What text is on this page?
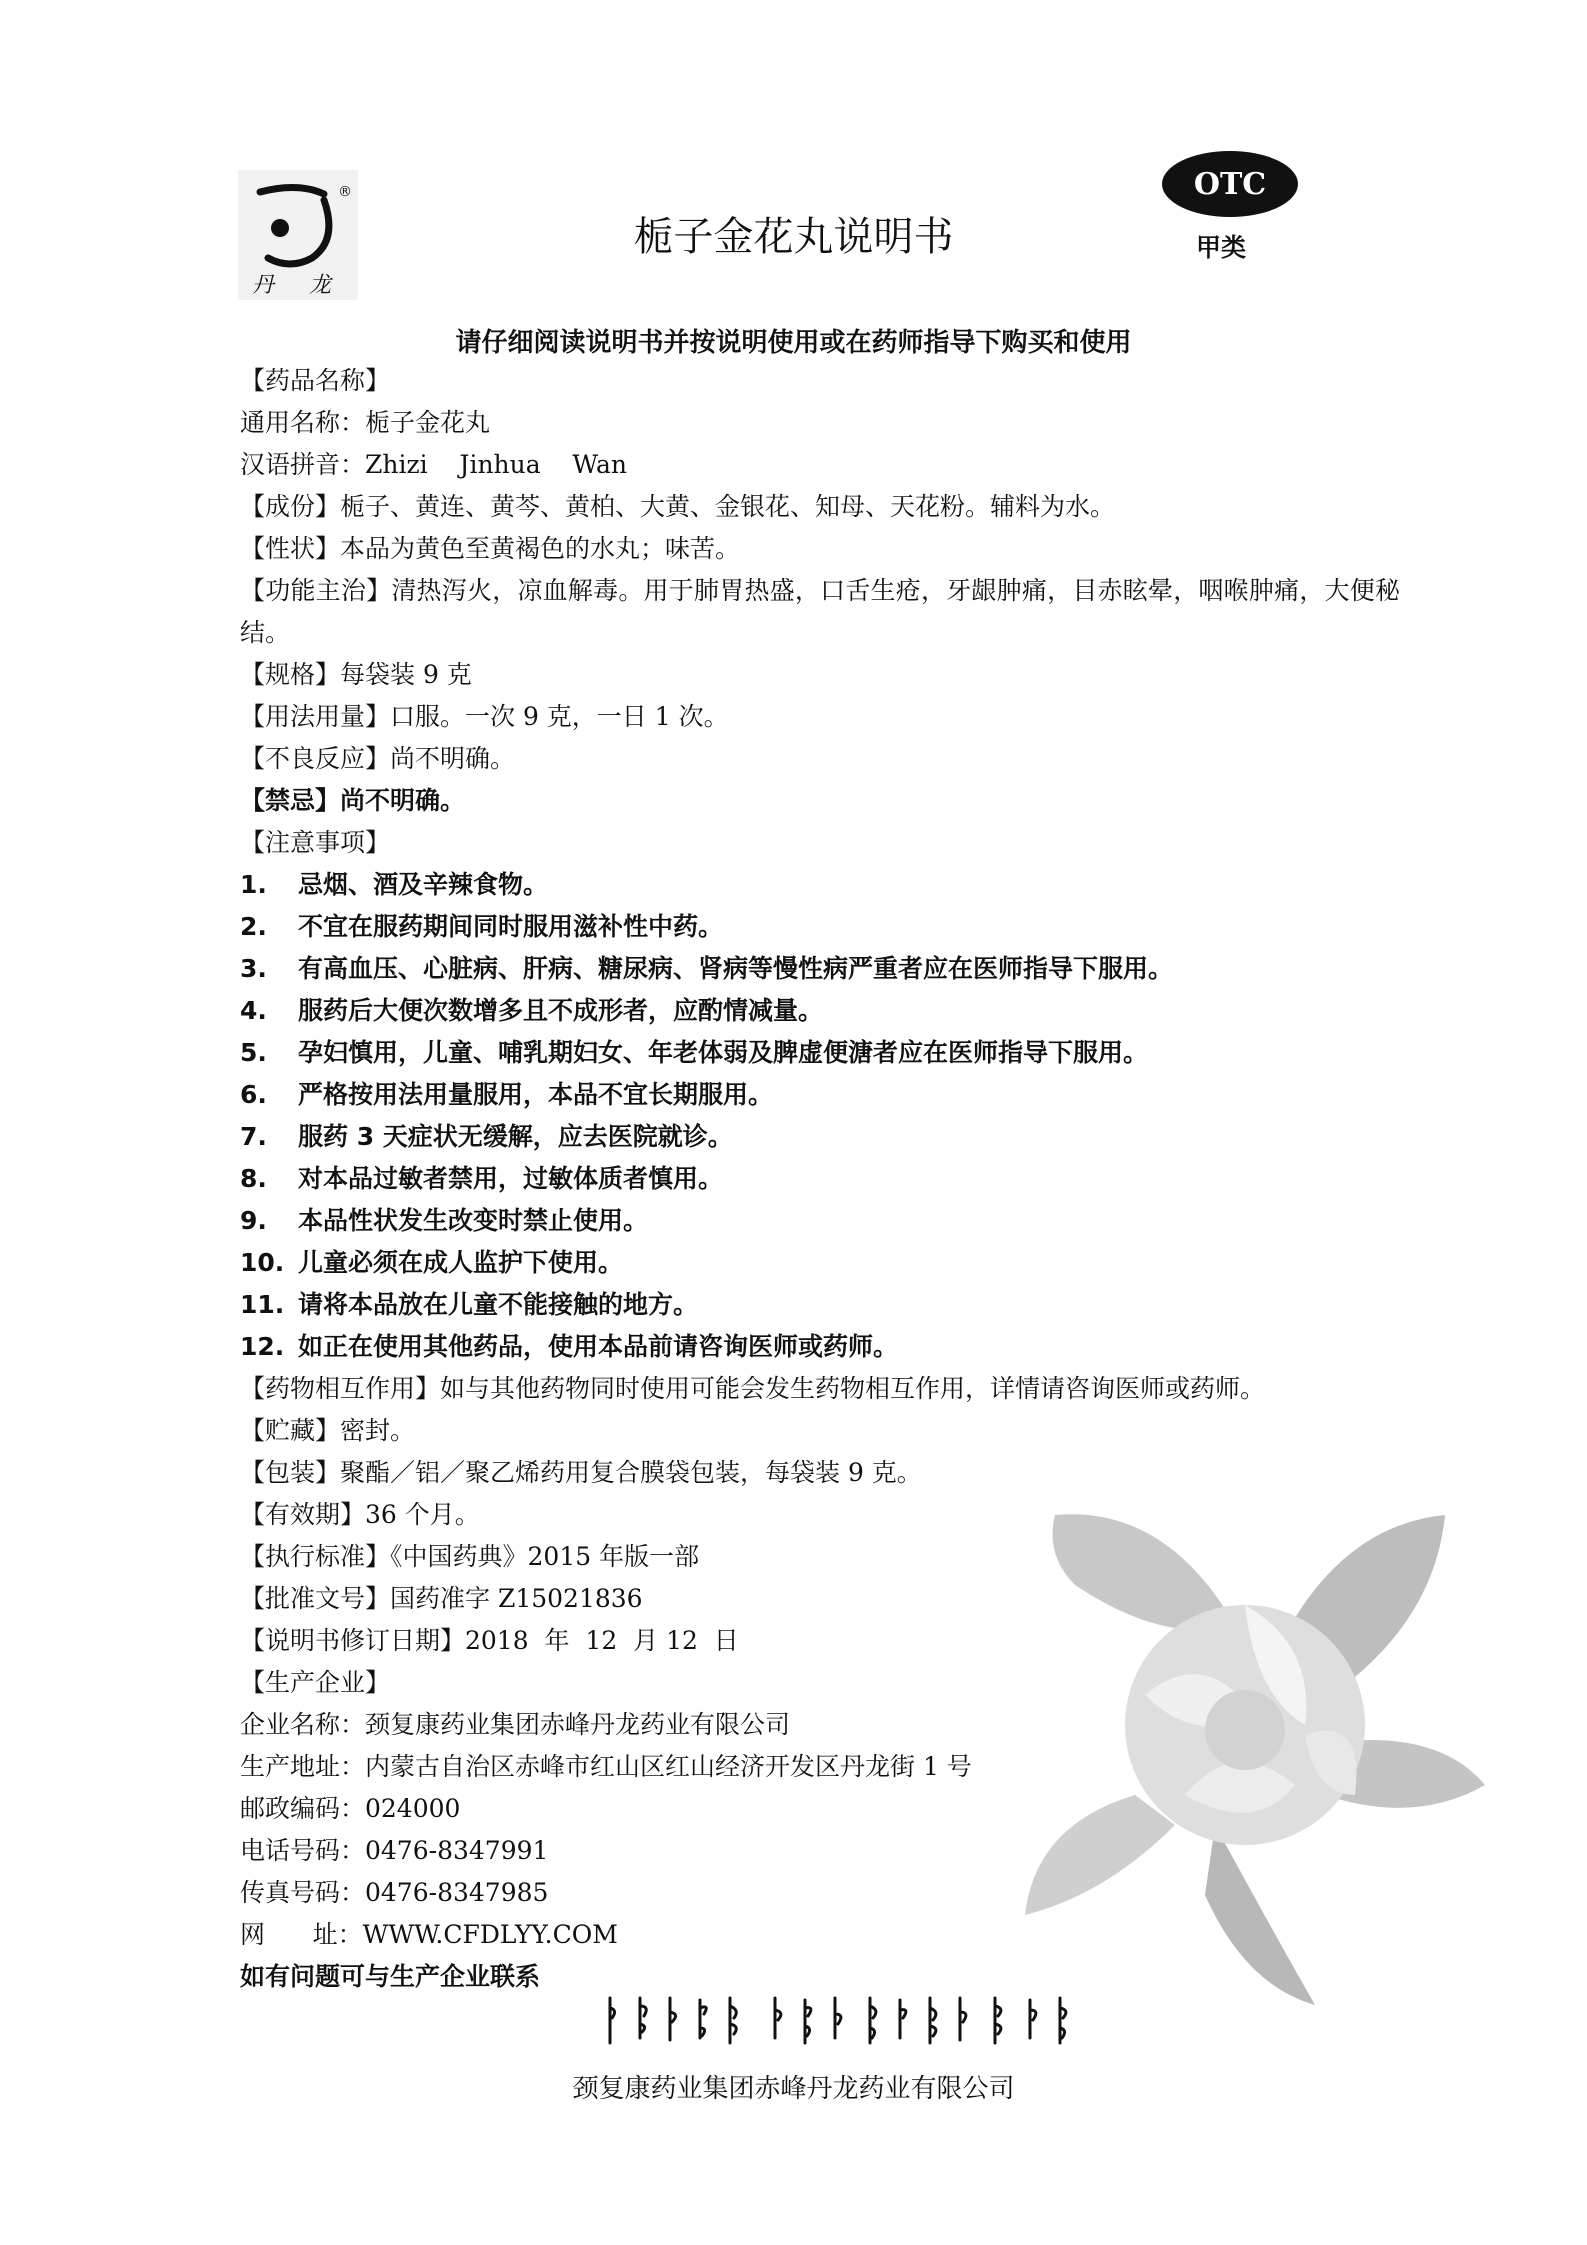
®
丹 龙
栀子金花丸说明书
OTC
甲类
请仔细阅读说明书并按说明使用或在药师指导下购买和使用
【药品名称】
通用名称：栀子金花丸
汉语拼音：Zhizi    Jinhua    Wan
【成份】栀子、黄连、黄芩、黄柏、大黄、金银花、知母、天花粉。辅料为水。
【性状】本品为黄色至黄褐色的水丸；味苦。
【功能主治】清热泻火，凉血解毒。用于肺胃热盛，口舌生疮，牙龈肿痛，目赤眩晕，咽喉肿痛，大便秘结。
【规格】每袋装 9 克
【用法用量】口服。一次 9 克，一日 1 次。
【不良反应】尚不明确。
【禁忌】尚不明确。
【注意事项】
1. 忌烟、酒及辛辣食物。
2. 不宜在服药期间同时服用滋补性中药。
3. 有高血压、心脏病、肝病、糖尿病、肾病等慢性病严重者应在医师指导下服用。
4. 服药后大便次数增多且不成形者，应酌情减量。
5. 孕妇慎用，儿童、哺乳期妇女、年老体弱及脾虚便溏者应在医师指导下服用。
6. 严格按用法用量服用，本品不宜长期服用。
7. 服药 3 天症状无缓解，应去医院就诊。
8. 对本品过敏者禁用，过敏体质者慎用。
9. 本品性状发生改变时禁止使用。
10. 儿童必须在成人监护下使用。
11. 请将本品放在儿童不能接触的地方。
12. 如正在使用其他药品，使用本品前请咨询医师或药师。
【药物相互作用】如与其他药物同时使用可能会发生药物相互作用，详情请咨询医师或药师。
【贮藏】密封。
【包装】聚酯／铝／聚乙烯药用复合膜袋包装，每袋装 9 克。
【有效期】36 个月。
【执行标准】《中国药典》2015 年版一部
【批准文号】国药准字 Z15021836
【说明书修订日期】2018  年  12  月 12  日
【生产企业】
企业名称：颈复康药业集团赤峰丹龙药业有限公司
生产地址：内蒙古自治区赤峰市红山区红山经济开发区丹龙街 1 号
邮政编码：024000
电话号码：0476-8347991
传真号码：0476-8347985
网      址：WWW.CFDLYY.COM
如有问题可与生产企业联系
颈复康药业集团赤峰丹龙药业有限公司
